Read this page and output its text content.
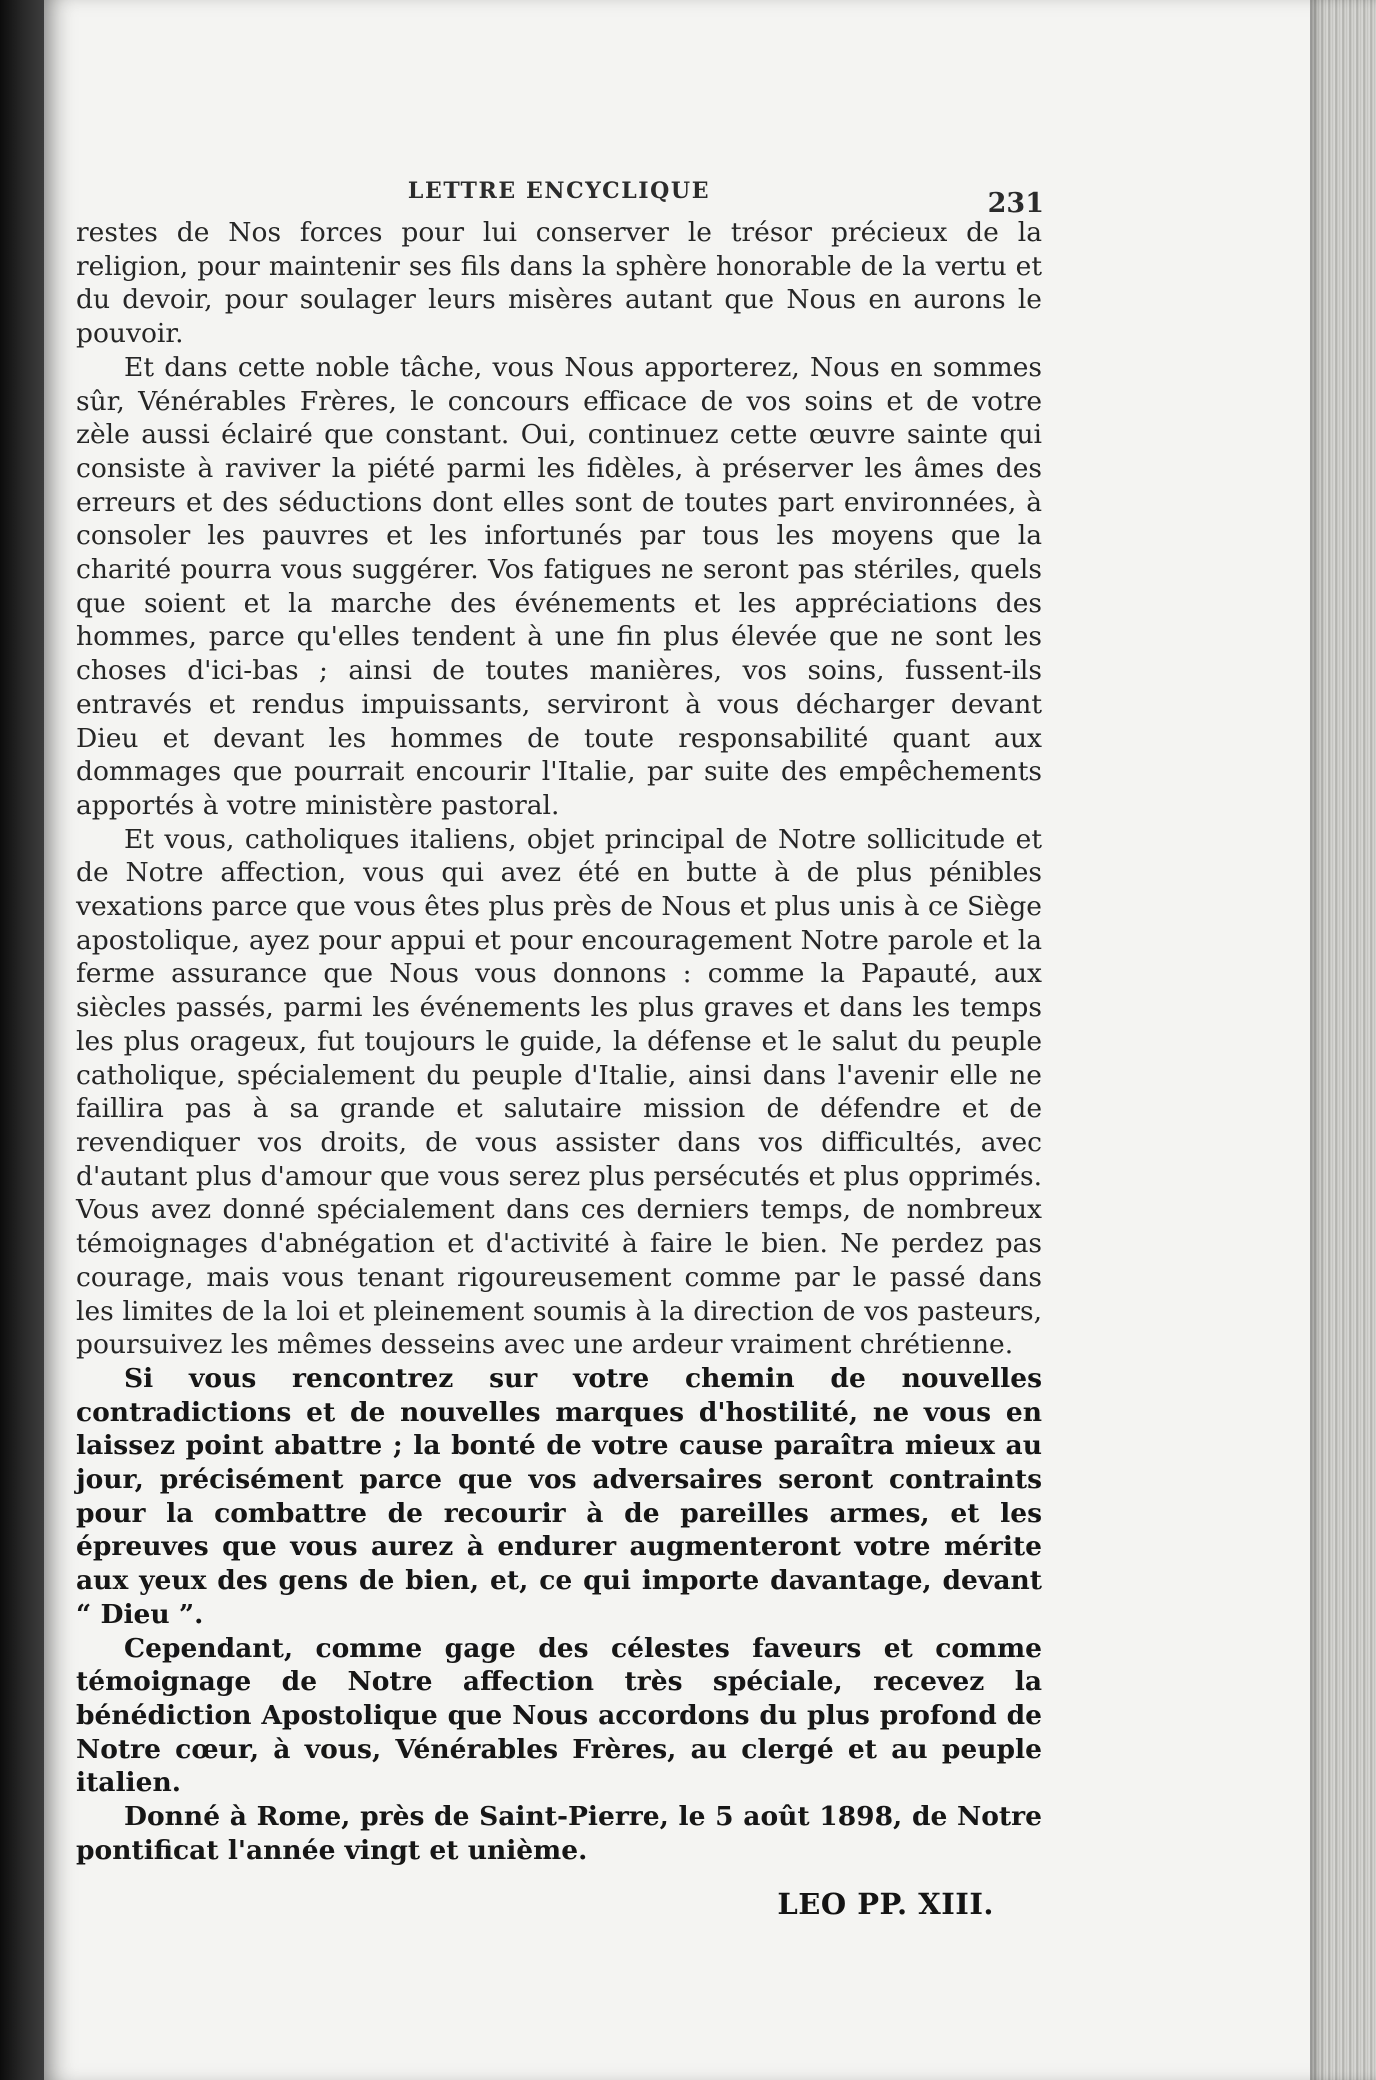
LETTRE ENCYCLIQUE	231

restes de Nos forces pour lui conserver le trésor précieux de la religion, pour maintenir ses fils dans la sphère honorable de la vertu et du devoir, pour soulager leurs misères autant que Nous en aurons le pouvoir.

Et dans cette noble tâche, vous Nous apporterez, Nous en sommes sûr, Vénérables Frères, le concours efficace de vos soins et de votre zèle aussi éclairé que constant. Oui, continuez cette œuvre sainte qui consiste à raviver la piété parmi les fidèles, à préserver les âmes des erreurs et des séductions dont elles sont de toutes part environnées, à consoler les pauvres et les infortunés par tous les moyens que la charité pourra vous suggérer. Vos fatigues ne seront pas stériles, quels que soient et la marche des événements et les appréciations des hommes, parce qu'elles tendent à une fin plus élevée que ne sont les choses d'ici-bas ; ainsi de toutes manières, vos soins, fussent-ils entravés et rendus impuissants, serviront à vous décharger devant Dieu et devant les hommes de toute responsabilité quant aux dommages que pourrait encourir l'Italie, par suite des empêchements apportés à votre ministère pastoral.

Et vous, catholiques italiens, objet principal de Notre sollicitude et de Notre affection, vous qui avez été en butte à de plus pénibles vexations parce que vous êtes plus près de Nous et plus unis à ce Siège apostolique, ayez pour appui et pour encouragement Notre parole et la ferme assurance que Nous vous donnons : comme la Papauté, aux siècles passés, parmi les événements les plus graves et dans les temps les plus orageux, fut toujours le guide, la défense et le salut du peuple catholique, spécialement du peuple d'Italie, ainsi dans l'avenir elle ne faillira pas à sa grande et salutaire mission de défendre et de revendiquer vos droits, de vous assister dans vos difficultés, avec d'autant plus d'amour que vous serez plus persécutés et plus opprimés. Vous avez donné spécialement dans ces derniers temps, de nombreux témoignages d'abnégation et d'activité à faire le bien. Ne perdez pas courage, mais vous tenant rigoureusement comme par le passé dans les limites de la loi et pleinement soumis à la direction de vos pasteurs, poursuivez les mêmes desseins avec une ardeur vraiment chrétienne.

Si vous rencontrez sur votre chemin de nouvelles contradictions et de nouvelles marques d'hostilité, ne vous en laissez point abattre ; la bonté de votre cause paraîtra mieux au jour, précisément parce que vos adversaires seront contraints pour la combattre de recourir à de pareilles armes, et les épreuves que vous aurez à endurer augmenteront votre mérite aux yeux des gens de bien, et, ce qui importe davantage, devant “ Dieu ”.

Cependant, comme gage des célestes faveurs et comme témoignage de Notre affection très spéciale, recevez la bénédiction Apostolique que Nous accordons du plus profond de Notre cœur, à vous, Vénérables Frères, au clergé et au peuple italien.

Donné à Rome, près de Saint-Pierre, le 5 août 1898, de Notre pontificat l'année vingt et unième.

LEO PP. XIII.
